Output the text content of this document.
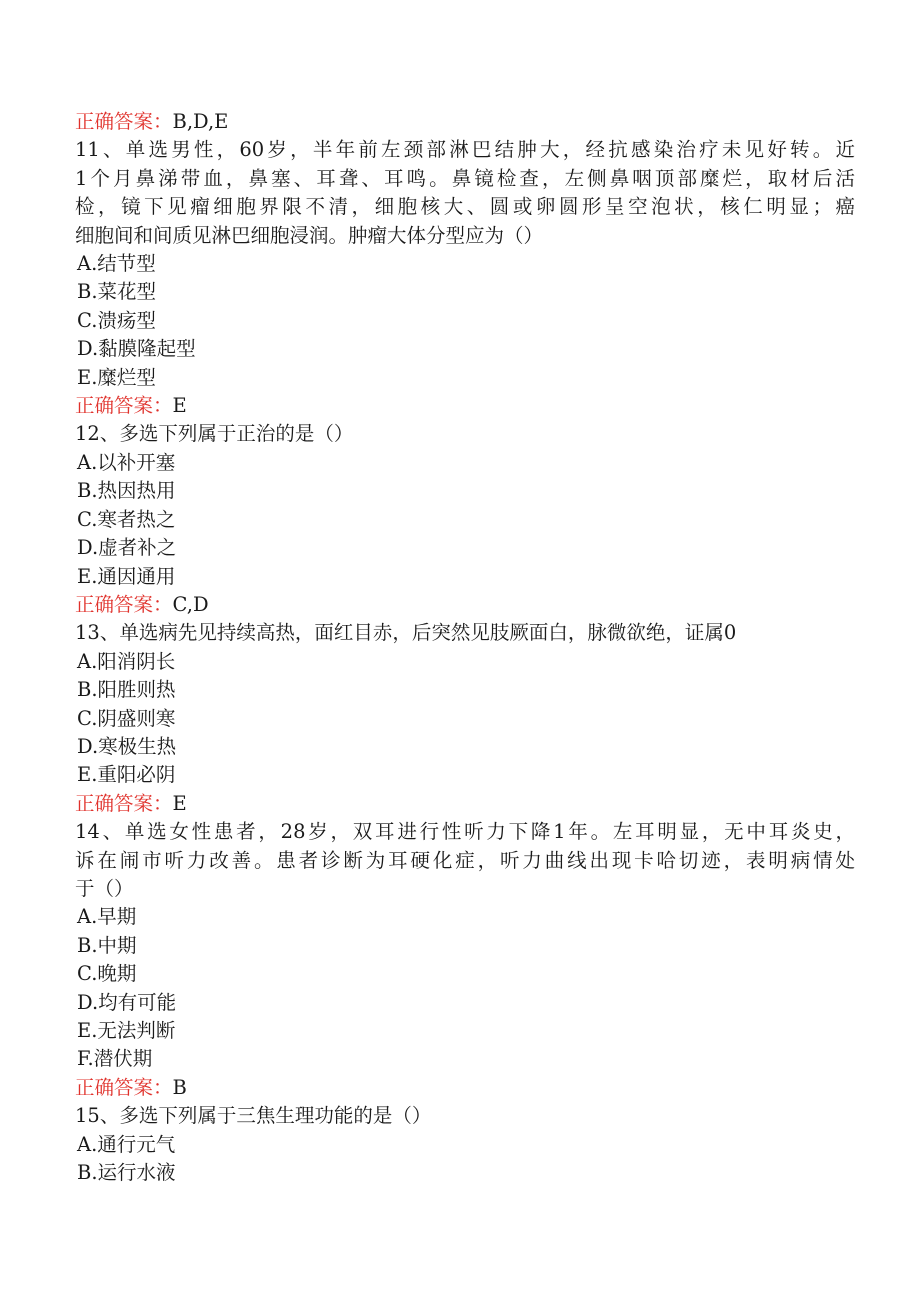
正确答案：B,D,E
11、单选男性，60岁，半年前左颈部淋巴结肿大，经抗感染治疗未见好转。近
1个月鼻涕带血，鼻塞、耳聋、耳鸣。鼻镜检查，左侧鼻咽顶部糜烂，取材后活
检，镜下见瘤细胞界限不清，细胞核大、圆或卵圆形呈空泡状，核仁明显；癌
细胞间和间质见淋巴细胞浸润。肿瘤大体分型应为（）
A.结节型
B.菜花型
C.溃疡型
D.黏膜隆起型
E.糜烂型
正确答案：E
12、多选下列属于正治的是（）
A.以补开塞
B.热因热用
C.寒者热之
D.虚者补之
E.通因通用
正确答案：C,D
13、单选病先见持续高热，面红目赤，后突然见肢厥面白，脉微欲绝，证属0
A.阳消阴长
B.阳胜则热
C.阴盛则寒
D.寒极生热
E.重阳必阴
正确答案：E
14、单选女性患者，28岁，双耳进行性听力下降1年。左耳明显，无中耳炎史，
诉在闹市听力改善。患者诊断为耳硬化症，听力曲线出现卡哈切迹，表明病情处
于（）
A.早期
B.中期
C.晚期
D.均有可能
E.无法判断
F.潜伏期
正确答案：B
15、多选下列属于三焦生理功能的是（）
A.通行元气
B.运行水液
